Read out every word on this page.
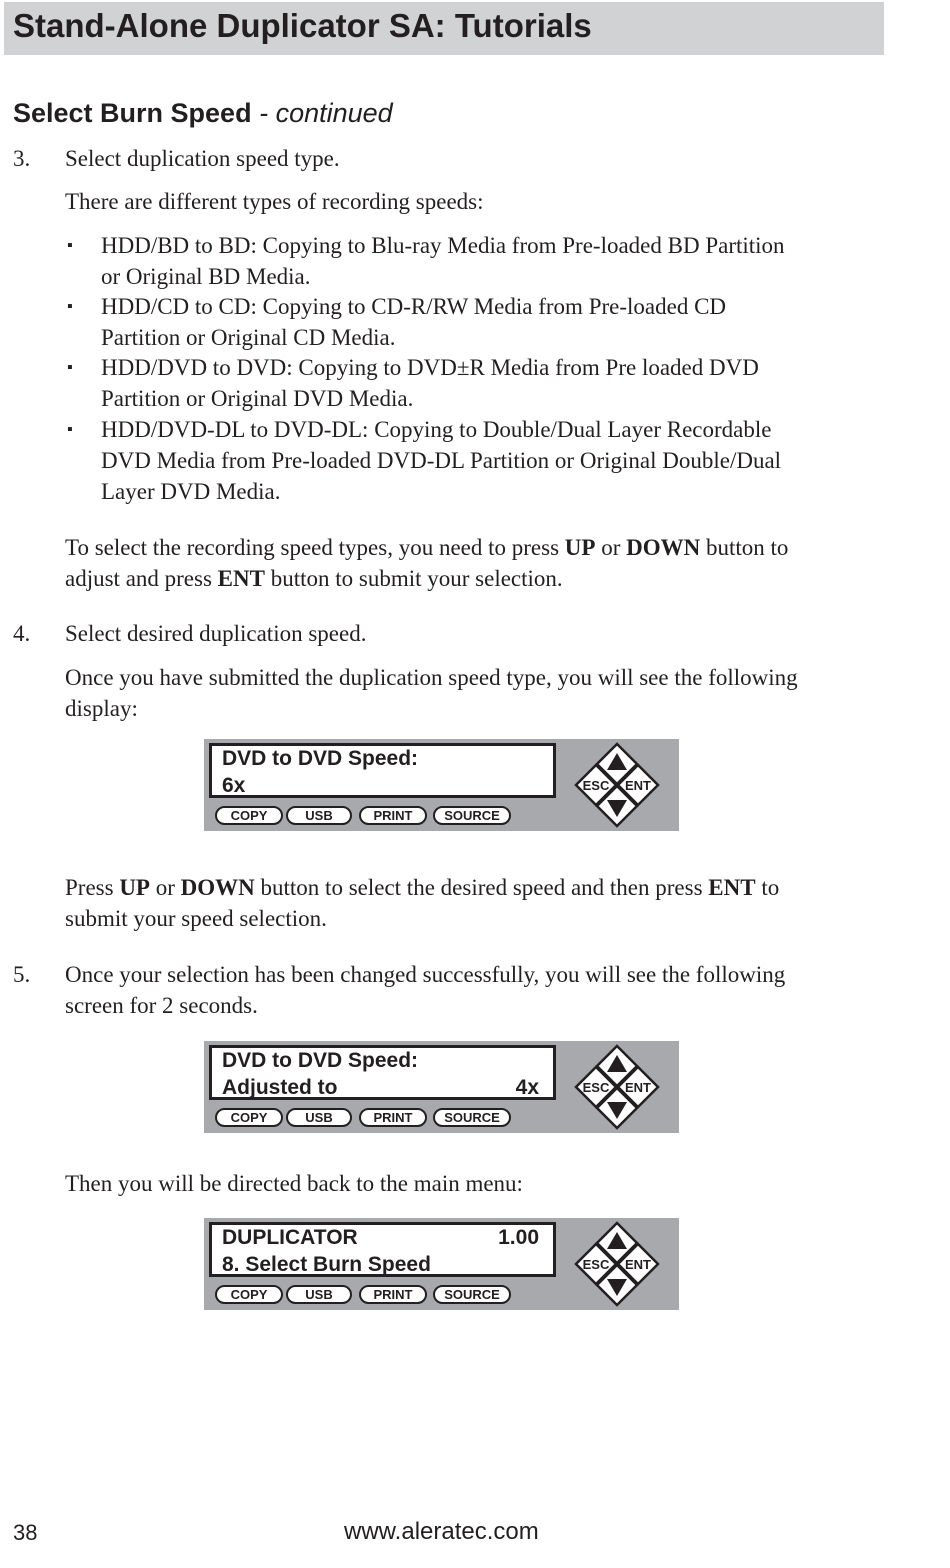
Stand-Alone Duplicator SA: Tutorials
Select Burn Speed - continued
3. Select duplication speed type.
There are different types of recording speeds:
▪ HDD/BD to BD: Copying to Blu-ray Media from Pre-loaded BD Partition
or Original BD Media.
▪ HDD/CD to CD: Copying to CD-R/RW Media from Pre-loaded CD
Partition or Original CD Media.
▪ HDD/DVD to DVD: Copying to DVD±R Media from Pre loaded DVD
Partition or Original DVD Media.
▪ HDD/DVD-DL to DVD-DL: Copying to Double/Dual Layer Recordable
DVD Media from Pre-loaded DVD-DL Partition or Original Double/Dual
Layer DVD Media.
To select the recording speed types, you need to press UP or DOWN button to
adjust and press ENT button to submit your selection.
4. Select desired duplication speed.
Once you have submitted the duplication speed type, you will see the following
display:
Press UP or DOWN button to select the desired speed and then press ENT to
submit your speed selection.
5. Once your selection has been changed successfully, you will see the following
screen for 2 seconds.
Then you will be directed back to the main menu:
DVD to DVD Speed:
6x
COPY	USB	PRINT	SOURCE
ESC ENT
DVD to DVD Speed:
Adjusted to	4x
COPY	USB	PRINT	SOURCE
ESC ENT
DUPLICATOR	1.00
8. Select Burn Speed
COPY	USB	PRINT	SOURCE
ESC ENT
38	www.aleratec.com
